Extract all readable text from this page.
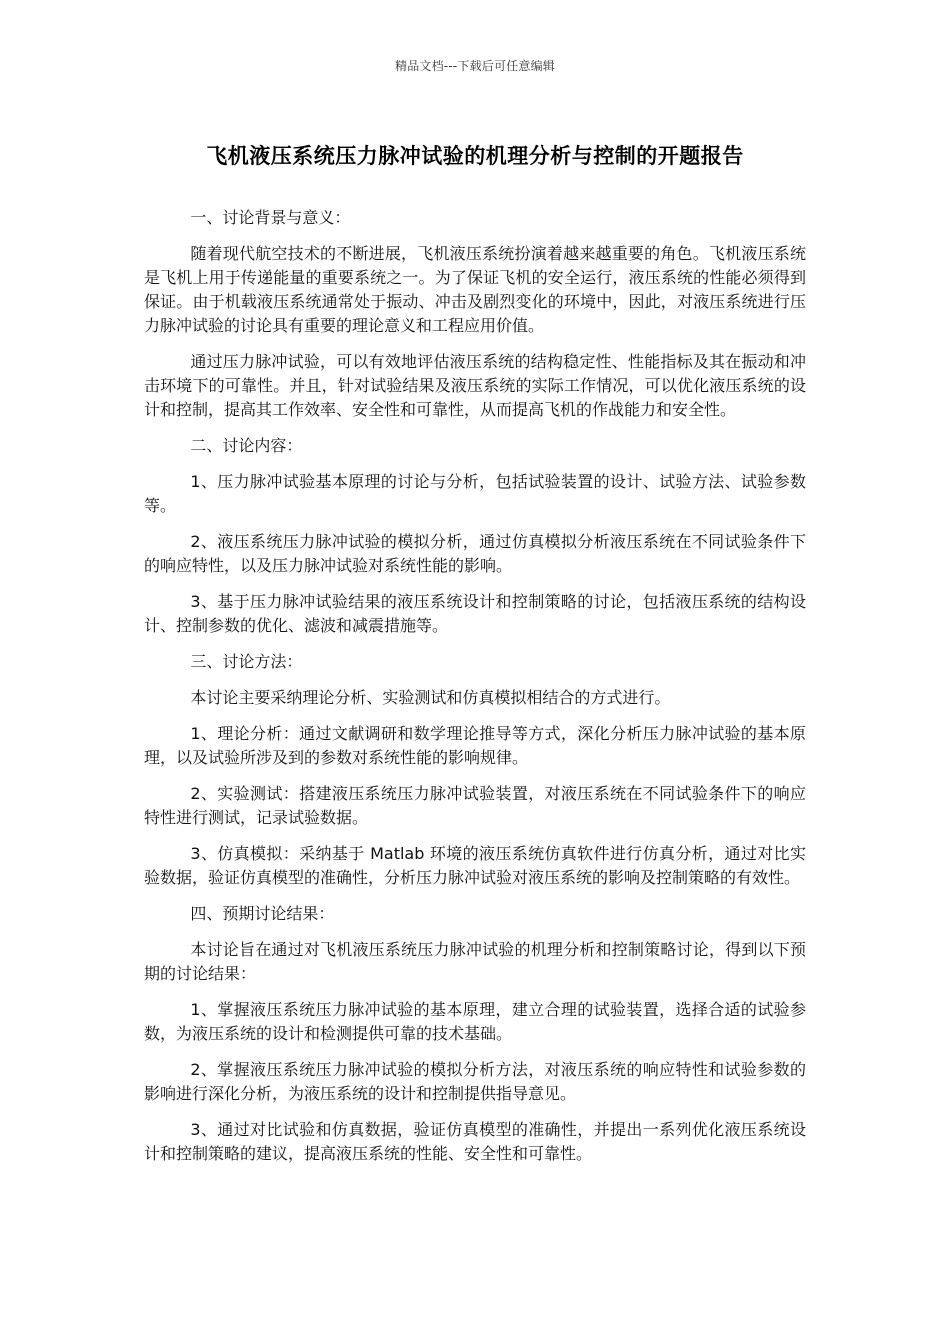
精品文档---下载后可任意编辑
飞机液压系统压力脉冲试验的机理分析与控制的开题报告

一、讨论背景与意义：

随着现代航空技术的不断进展，飞机液压系统扮演着越来越重要的角色。飞机液压系统是飞机上用于传递能量的重要系统之一。为了保证飞机的安全运行，液压系统的性能必须得到保证。由于机载液压系统通常处于振动、冲击及剧烈变化的环境中，因此，对液压系统进行压力脉冲试验的讨论具有重要的理论意义和工程应用价值。

通过压力脉冲试验，可以有效地评估液压系统的结构稳定性、性能指标及其在振动和冲击环境下的可靠性。并且，针对试验结果及液压系统的实际工作情况，可以优化液压系统的设计和控制，提高其工作效率、安全性和可靠性，从而提高飞机的作战能力和安全性。

二、讨论内容：

1、压力脉冲试验基本原理的讨论与分析，包括试验装置的设计、试验方法、试验参数等。

2、液压系统压力脉冲试验的模拟分析，通过仿真模拟分析液压系统在不同试验条件下的响应特性，以及压力脉冲试验对系统性能的影响。

3、基于压力脉冲试验结果的液压系统设计和控制策略的讨论，包括液压系统的结构设计、控制参数的优化、滤波和减震措施等。

三、讨论方法：

本讨论主要采纳理论分析、实验测试和仿真模拟相结合的方式进行。

1、理论分析：通过文献调研和数学理论推导等方式，深化分析压力脉冲试验的基本原理，以及试验所涉及到的参数对系统性能的影响规律。

2、实验测试：搭建液压系统压力脉冲试验装置，对液压系统在不同试验条件下的响应特性进行测试，记录试验数据。

3、仿真模拟：采纳基于 Matlab 环境的液压系统仿真软件进行仿真分析，通过对比实验数据，验证仿真模型的准确性，分析压力脉冲试验对液压系统的影响及控制策略的有效性。

四、预期讨论结果：

本讨论旨在通过对飞机液压系统压力脉冲试验的机理分析和控制策略讨论，得到以下预期的讨论结果：

1、掌握液压系统压力脉冲试验的基本原理，建立合理的试验装置，选择合适的试验参数，为液压系统的设计和检测提供可靠的技术基础。

2、掌握液压系统压力脉冲试验的模拟分析方法，对液压系统的响应特性和试验参数的影响进行深化分析，为液压系统的设计和控制提供指导意见。

3、通过对比试验和仿真数据，验证仿真模型的准确性，并提出一系列优化液压系统设计和控制策略的建议，提高液压系统的性能、安全性和可靠性。
